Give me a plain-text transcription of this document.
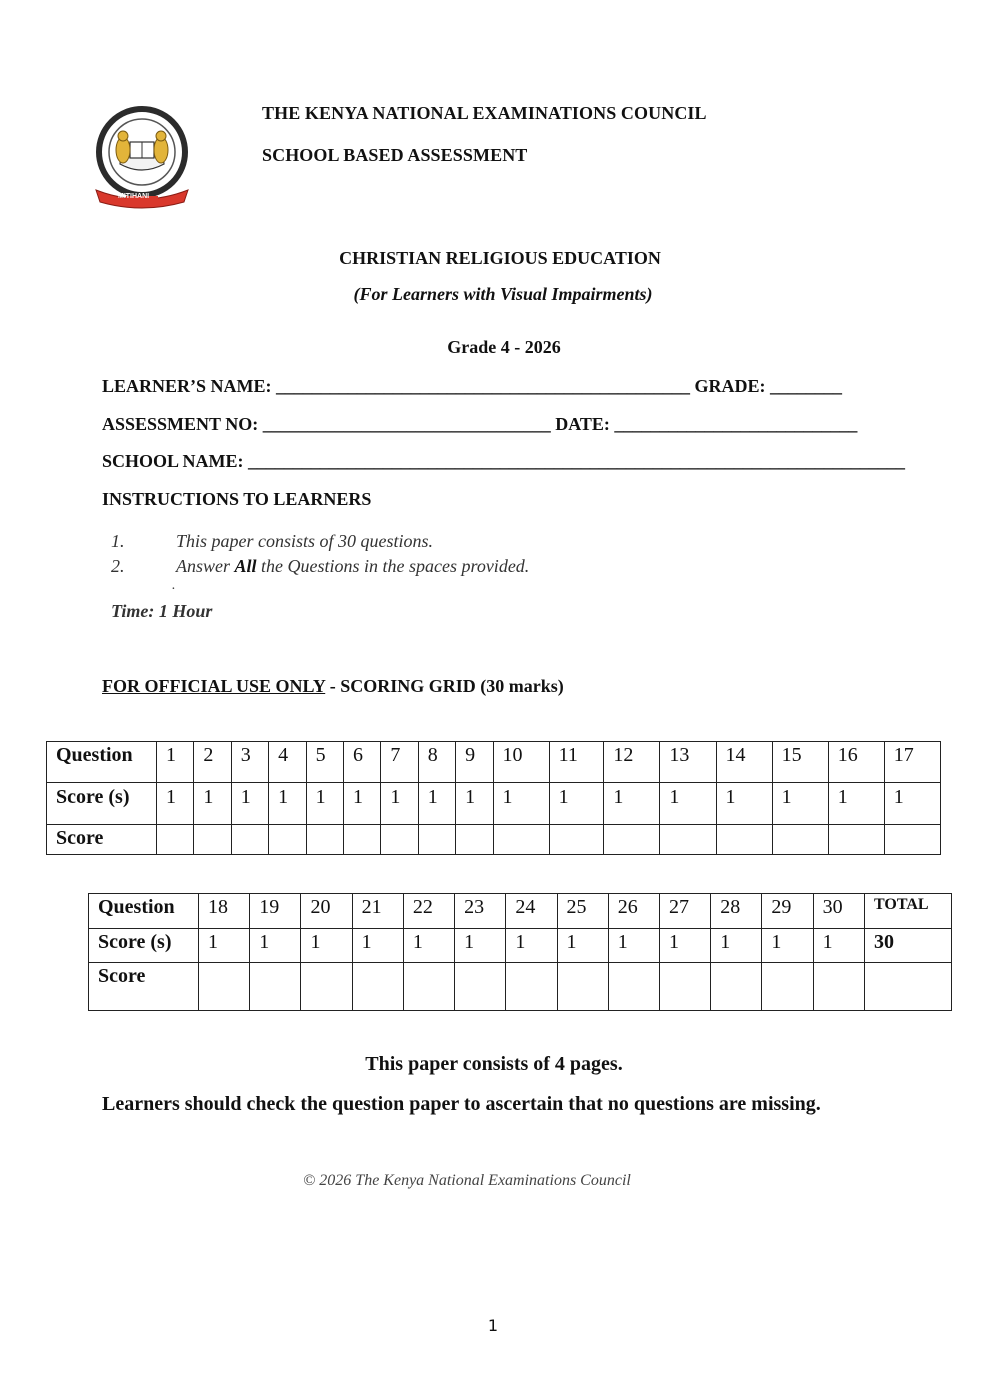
MITIHANI
THE KENYA NATIONAL EXAMINATIONS COUNCIL
SCHOOL BASED ASSESSMENT
CHRISTIAN RELIGIOUS EDUCATION
(For Learners with Visual Impairments)
Grade 4 - 2026
LEARNER’S NAME: ______________________________________________ GRADE: ________
ASSESSMENT NO: ________________________________ DATE: ___________________________
SCHOOL NAME: _________________________________________________________________________
INSTRUCTIONS TO LEARNERS
1.	This paper consists of 30 questions.
2.	Answer All the Questions in the spaces provided.
.
Time: 1 Hour
FOR OFFICIAL USE ONLY - SCORING GRID (30 marks)
Question	1	2	3	4	5	6	7	8	9	10	11	12	13	14	15	16	17
Score (s)	1	1	1	1	1	1	1	1	1	1	1	1	1	1	1	1	1
Score																	
Question	18	19	20	21	22	23	24	25	26	27	28	29	30	TOTAL
Score (s)	1	1	1	1	1	1	1	1	1	1	1	1	1	30
Score														
This paper consists of 4 pages.
Learners should check the question paper to ascertain that no questions are missing.
© 2026 The Kenya National Examinations Council
1
